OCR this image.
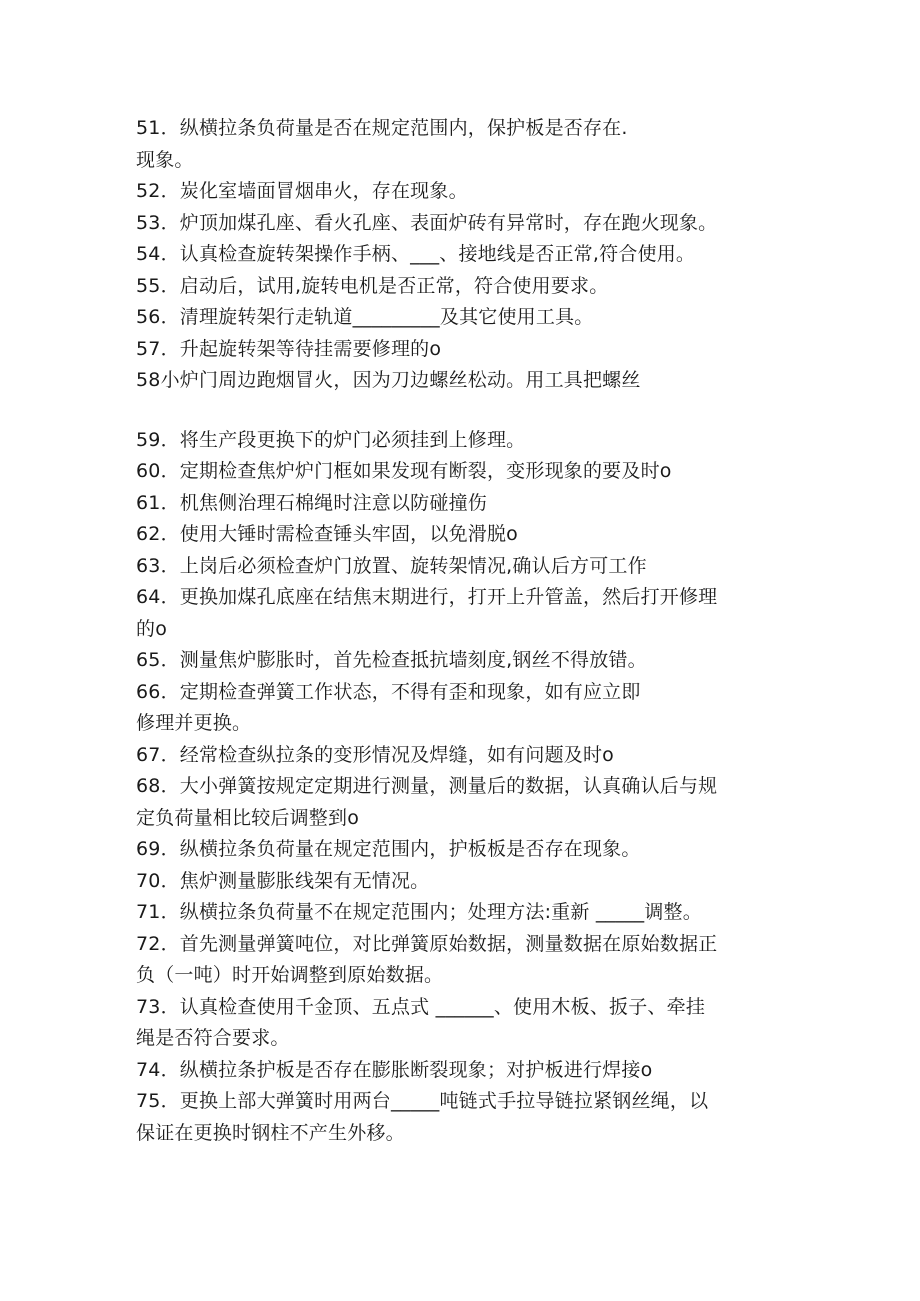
51．纵横拉条负荷量是否在规定范围内，保护板是否存在.
现象。
52．炭化室墙面冒烟串火，存在现象。
53．炉顶加煤孔座、看火孔座、表面炉砖有异常时，存在跑火现象。
54．认真检查旋转架操作手柄、___、接地线是否正常,符合使用。
55．启动后，试用,旋转电机是否正常，符合使用要求。
56．清理旋转架行走轨道_________及其它使用工具。
57．升起旋转架等待挂需要修理的o
58小炉门周边跑烟冒火，因为刀边螺丝松动。用工具把螺丝
59．将生产段更换下的炉门必须挂到上修理。
60．定期检查焦炉炉门框如果发现有断裂，变形现象的要及时o
61．机焦侧治理石棉绳时注意以防碰撞伤
62．使用大锤时需检查锤头牢固，以免滑脱o
63．上岗后必须检查炉门放置、旋转架情况,确认后方可工作
64．更换加煤孔底座在结焦末期进行，打开上升管盖，然后打开修理
的o
65．测量焦炉膨胀时，首先检查抵抗墙刻度,钢丝不得放错。
66．定期检查弹簧工作状态，不得有歪和现象，如有应立即
修理并更换。
67．经常检查纵拉条的变形情况及焊缝，如有问题及时o
68．大小弹簧按规定定期进行测量，测量后的数据，认真确认后与规
定负荷量相比较后调整到o
69．纵横拉条负荷量在规定范围内，护板板是否存在现象。
70．焦炉测量膨胀线架有无情况。
71．纵横拉条负荷量不在规定范围内；处理方法:重新 _____调整。
72．首先测量弹簧吨位，对比弹簧原始数据，测量数据在原始数据正
负（一吨）时开始调整到原始数据。
73．认真检查使用千金顶、五点式 ______、使用木板、扳子、牵挂
绳是否符合要求。
74．纵横拉条护板是否存在膨胀断裂现象；对护板进行焊接o
75．更换上部大弹簧时用两台_____吨链式手拉导链拉紧钢丝绳，以
保证在更换时钢柱不产生外移。
